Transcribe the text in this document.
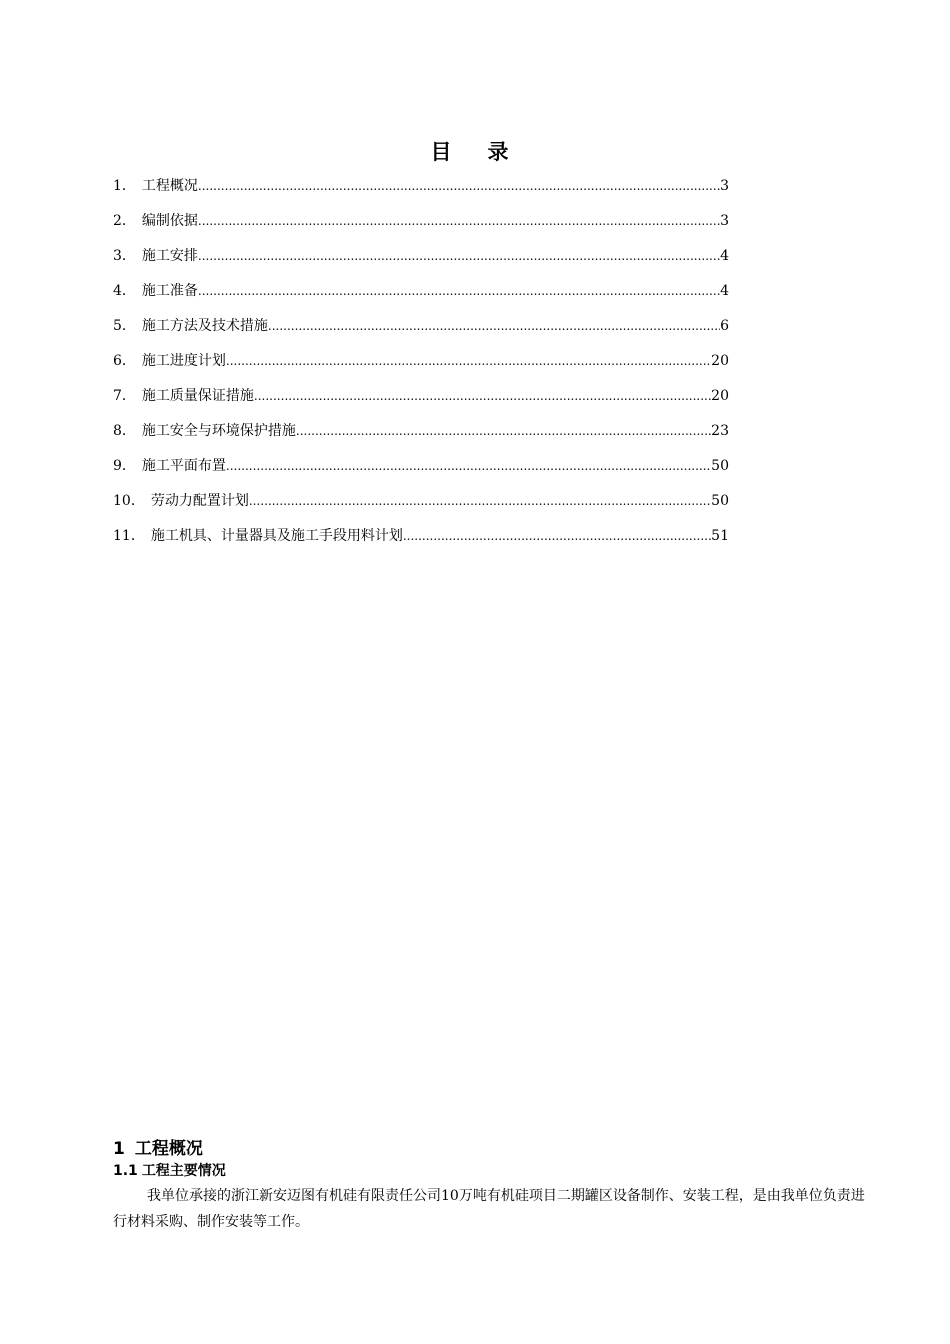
目录
1． 工程概况 .....	3
2． 编制依据 .....	3
3． 施工安排 .....	4
4． 施工准备 .....	4
5． 施工方法及技术措施 .....	6
6． 施工进度计划 .....	20
7． 施工质量保证措施 .....	20
8． 施工安全与环境保护措施 .....	23
9． 施工平面布置 .....	50
10． 劳动力配置计划 .....	50
11． 施工机具、计量器具及施工手段用料计划 .....	51
1 工程概况
1.1 工程主要情况
我单位承接的浙江新安迈图有机硅有限责任公司10万吨有机硅项目二期罐区设备制作、安装工程，是由我单位负责进行材料采购、制作安装等工作。
